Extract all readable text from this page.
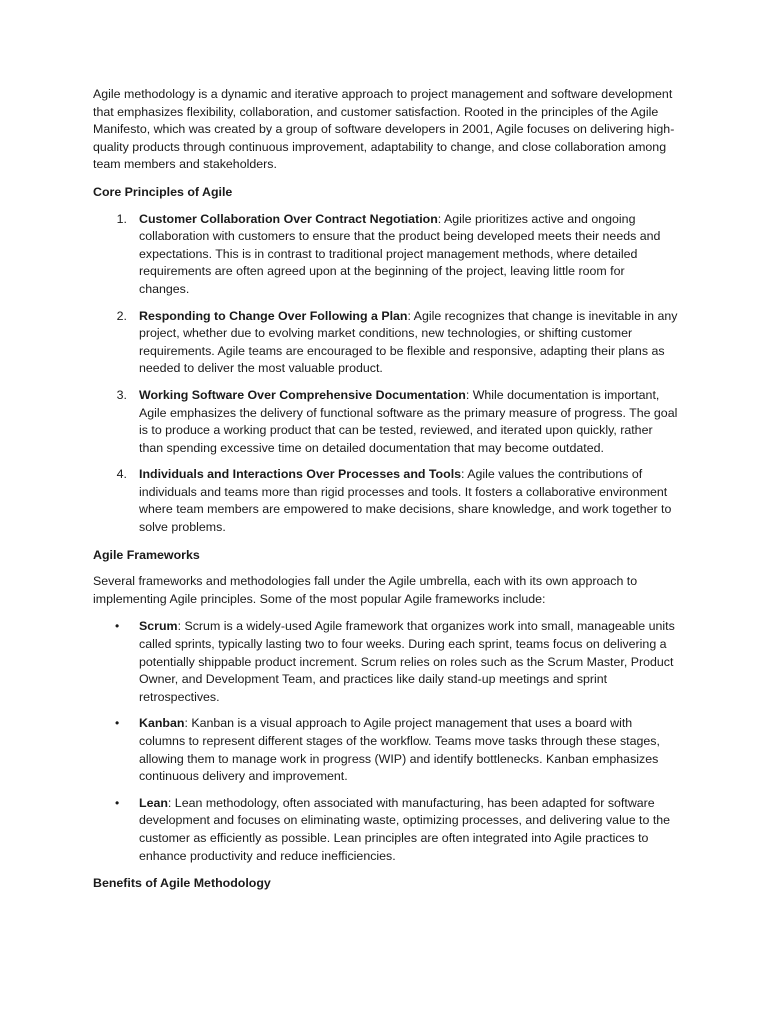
Agile methodology is a dynamic and iterative approach to project management and software development that emphasizes flexibility, collaboration, and customer satisfaction. Rooted in the principles of the Agile Manifesto, which was created by a group of software developers in 2001, Agile focuses on delivering high-quality products through continuous improvement, adaptability to change, and close collaboration among team members and stakeholders.

Core Principles of Agile
1. Customer Collaboration Over Contract Negotiation: Agile prioritizes active and ongoing collaboration with customers to ensure that the product being developed meets their needs and expectations. This is in contrast to traditional project management methods, where detailed requirements are often agreed upon at the beginning of the project, leaving little room for changes.
2. Responding to Change Over Following a Plan: Agile recognizes that change is inevitable in any project, whether due to evolving market conditions, new technologies, or shifting customer requirements. Agile teams are encouraged to be flexible and responsive, adapting their plans as needed to deliver the most valuable product.
3. Working Software Over Comprehensive Documentation: While documentation is important, Agile emphasizes the delivery of functional software as the primary measure of progress. The goal is to produce a working product that can be tested, reviewed, and iterated upon quickly, rather than spending excessive time on detailed documentation that may become outdated.
4. Individuals and Interactions Over Processes and Tools: Agile values the contributions of individuals and teams more than rigid processes and tools. It fosters a collaborative environment where team members are empowered to make decisions, share knowledge, and work together to solve problems.
Agile Frameworks

Several frameworks and methodologies fall under the Agile umbrella, each with its own approach to implementing Agile principles. Some of the most popular Agile frameworks include:

• Scrum: Scrum is a widely-used Agile framework that organizes work into small, manageable units called sprints, typically lasting two to four weeks. During each sprint, teams focus on delivering a potentially shippable product increment. Scrum relies on roles such as the Scrum Master, Product Owner, and Development Team, and practices like daily stand-up meetings and sprint retrospectives.
• Kanban: Kanban is a visual approach to Agile project management that uses a board with columns to represent different stages of the workflow. Teams move tasks through these stages, allowing them to manage work in progress (WIP) and identify bottlenecks. Kanban emphasizes continuous delivery and improvement.
• Lean: Lean methodology, often associated with manufacturing, has been adapted for software development and focuses on eliminating waste, optimizing processes, and delivering value to the customer as efficiently as possible. Lean principles are often integrated into Agile practices to enhance productivity and reduce inefficiencies.
Benefits of Agile Methodology
